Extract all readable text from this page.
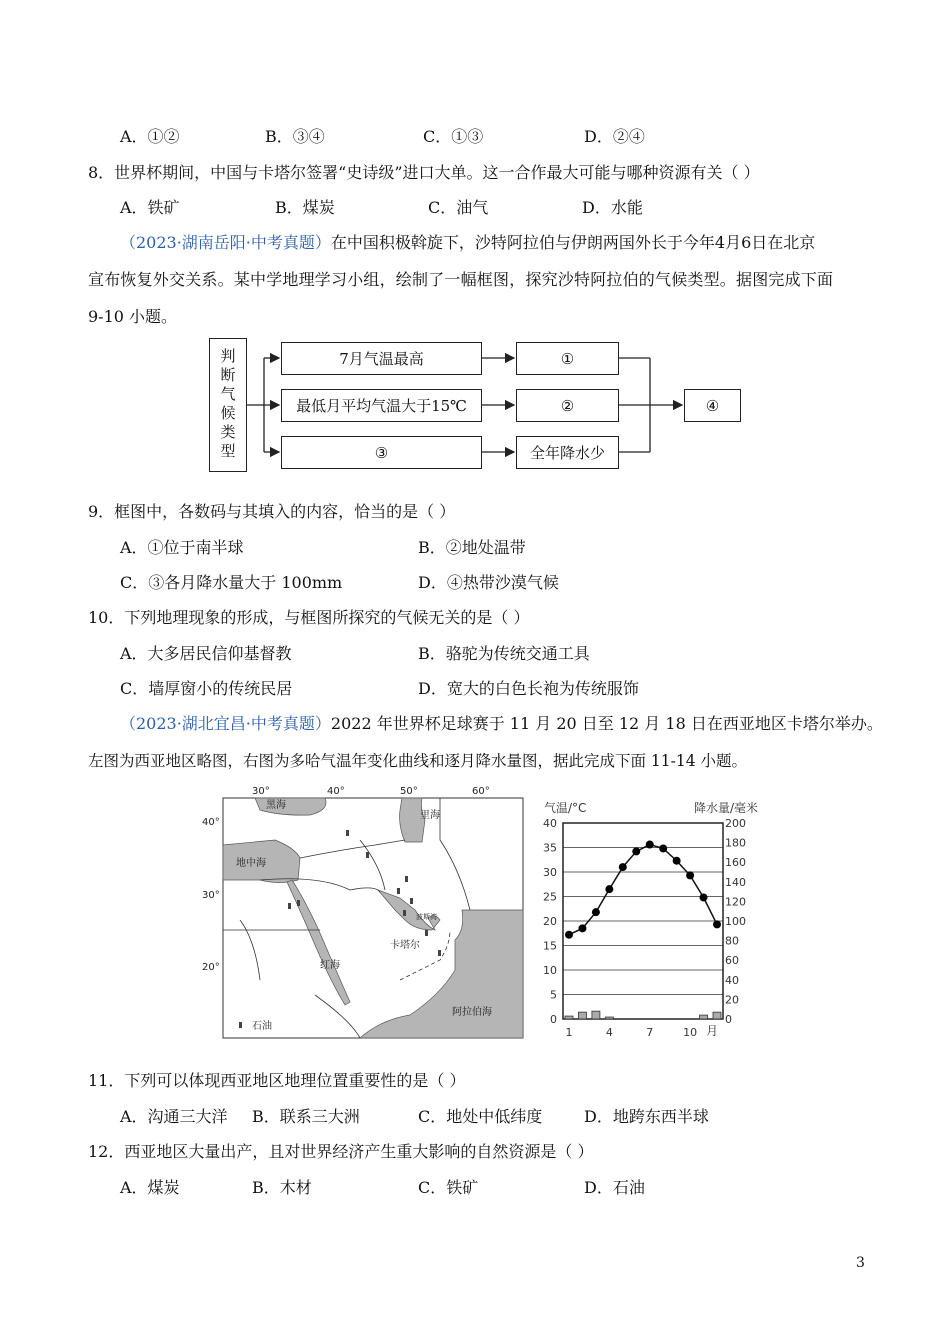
A．①②	B．③④	C．①③	D．②④
8．世界杯期间，中国与卡塔尔签署“史诗级”进口大单。这一合作最大可能与哪种资源有关（ ）
A．铁矿	B．煤炭	C．油气	D．水能
（2023·湖南岳阳·中考真题）在中国积极斡旋下，沙特阿拉伯与伊朗两国外长于今年4月6日在北京
宣布恢复外交关系。某中学地理学习小组，绘制了一幅框图，探究沙特阿拉伯的气候类型。据图完成下面
9-10 小题。
判断气候类型	7月气温最高
最低月平均气温大于15℃
③
①
②
全年降水少
④
9．框图中，各数码与其填入的内容，恰当的是（ ）
A．①位于南半球	B．②地处温带
C．③各月降水量大于 100mm	D．④热带沙漠气候
10．下列地理现象的形成，与框图所探究的气候无关的是（ ）
A．大多居民信仰基督教	B．骆驼为传统交通工具
C．墙厚窗小的传统民居	D．宽大的白色长袍为传统服饰
（2023·湖北宜昌·中考真题）2022 年世界杯足球赛于 11 月 20 日至 12 月 18 日在西亚地区卡塔尔举办。
左图为西亚地区略图，右图为多哈气温年变化曲线和逐月降水量图，据此完成下面 11-14 小题。
30°	40°	50°	60°
40°
30°
20°
黑海
里海
地中海
红海
波斯湾
卡塔尔
阿拉伯海
石油
0
5
10
15
20
25
30
35
40
0
20
40
60
80
100
120
140
160
180
200
气温/°C	降水量/毫米
1	4	7	10 月
11．下列可以体现西亚地区地理位置重要性的是（ ）
A．沟通三大洋 B．联系三大洲	C．地处中低纬度	D．地跨东西半球
12．西亚地区大量出产，且对世界经济产生重大影响的自然资源是（ ）
A．煤炭	B．木材	C．铁矿	D．石油
3
